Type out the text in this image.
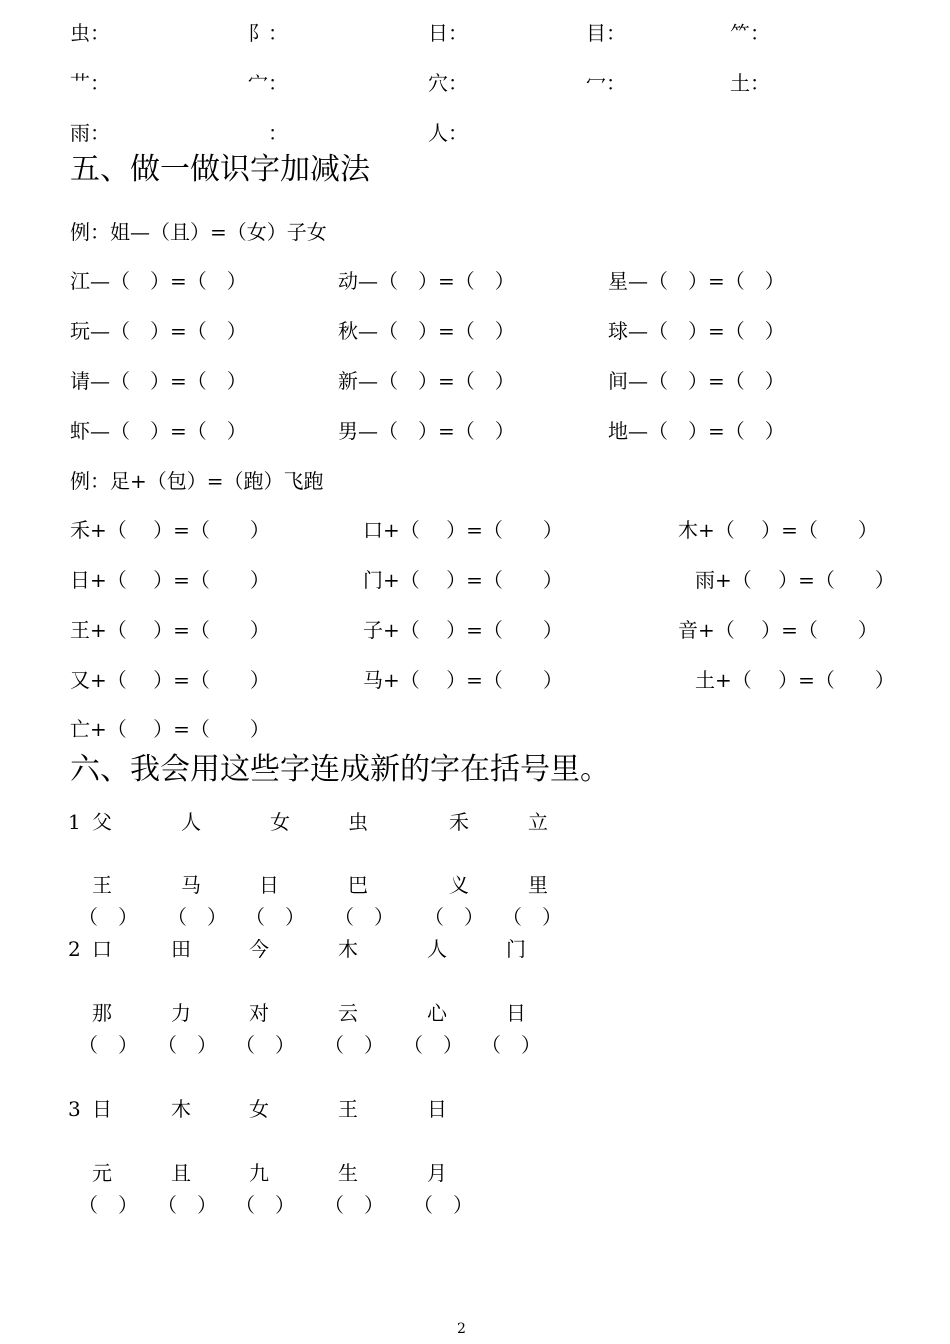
虫：	阝：	日：	目：	⺮：
艹：	宀：	穴：	冖：	土：
雨：	：	人：
五、做一做识字加减法
例：姐—（且）=（女）子女
江—（　）=（　）	动—（　）=（　）	星—（　）=（　）
玩—（　）=（　）	秋—（　）=（　）	球—（　）=（　）
请—（　）=（　）	新—（　）=（　）	间—（　）=（　）
虾—（　）=（　）	男—（　）=（　）	地—（　）=（　）
例：足+（包）=（跑）飞跑
禾+（　 ）=（　　）	口+（　 ）=（　　）	木+（　 ）=（　　）
日+（　 ）=（　　）	门+（　 ）=（　　）	雨+（　 ）=（　　）
王+（　 ）=（　　）	子+（　 ）=（　　）	音+（　 ）=（　　）
又+（　 ）=（　　）	马+（　 ）=（　　）	土+（　 ）=（　　）
亡+（　 ）=（　　）
六、我会用这些字连成新的字在括号里。
1 父	人	女	虫	禾	立
王	马	日	巴	义	里
（　） （　） （　） （　） （　） （　）
2 口	田	今	木	人	门
那	力	对	云	心	日
（　） （　） （　） （　） （　） （　）
3 日	木	女	王	日
元	且	九	生	月
（　） （　） （　） （　） （　）
2
